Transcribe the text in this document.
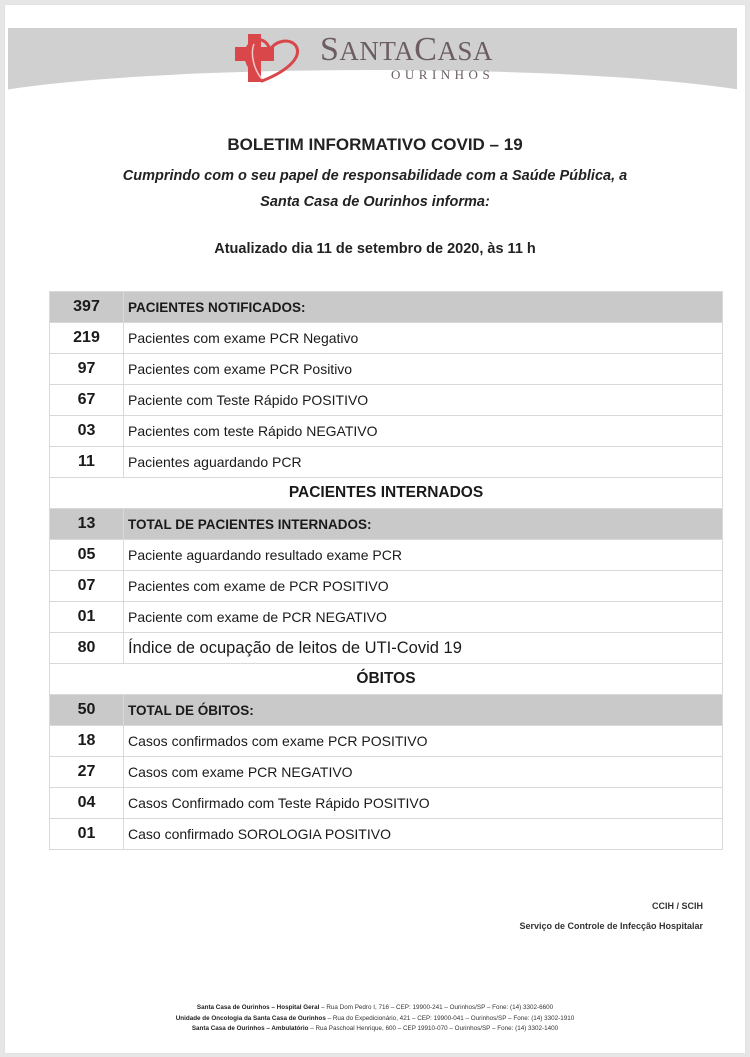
SANTACASA
OURINHOS
BOLETIM INFORMATIVO COVID – 19
Cumprindo com o seu papel de responsabilidade com a Saúde Pública, a
Santa Casa de Ourinhos informa:
Atualizado dia 11 de setembro de 2020, às 11 h
397	PACIENTES NOTIFICADOS:
219	Pacientes com exame PCR Negativo
97	Pacientes com exame PCR Positivo
67	Paciente com Teste Rápido POSITIVO
03	Pacientes com teste Rápido NEGATIVO
11	Pacientes aguardando PCR
PACIENTES INTERNADOS	
13	TOTAL DE PACIENTES INTERNADOS:
05	Paciente aguardando resultado exame PCR
07	Pacientes com exame de PCR POSITIVO
01	Paciente com exame de PCR NEGATIVO
80	Índice de ocupação de leitos de UTI-Covid 19
ÓBITOS	
50	TOTAL DE ÓBITOS:
18	Casos confirmados com exame PCR POSITIVO
27	Casos com exame PCR NEGATIVO
04	Casos Confirmado com Teste Rápido POSITIVO
01	Caso confirmado SOROLOGIA POSITIVO
CCIH / SCIH
Serviço de Controle de Infecção Hospitalar
Santa Casa de Ourinhos – Hospital Geral – Rua Dom Pedro I, 716 – CEP: 19900-241 – Ourinhos/SP – Fone: (14) 3302-6600
Unidade de Oncologia da Santa Casa de Ourinhos – Rua do Expedicionário, 421 – CEP: 19900-041 – Ourinhos/SP – Fone: (14) 3302-1910
Santa Casa de Ourinhos – Ambulatório – Rua Paschoal Henrique, 600 – CEP 19910-070 – Ourinhos/SP – Fone: (14) 3302-1400
